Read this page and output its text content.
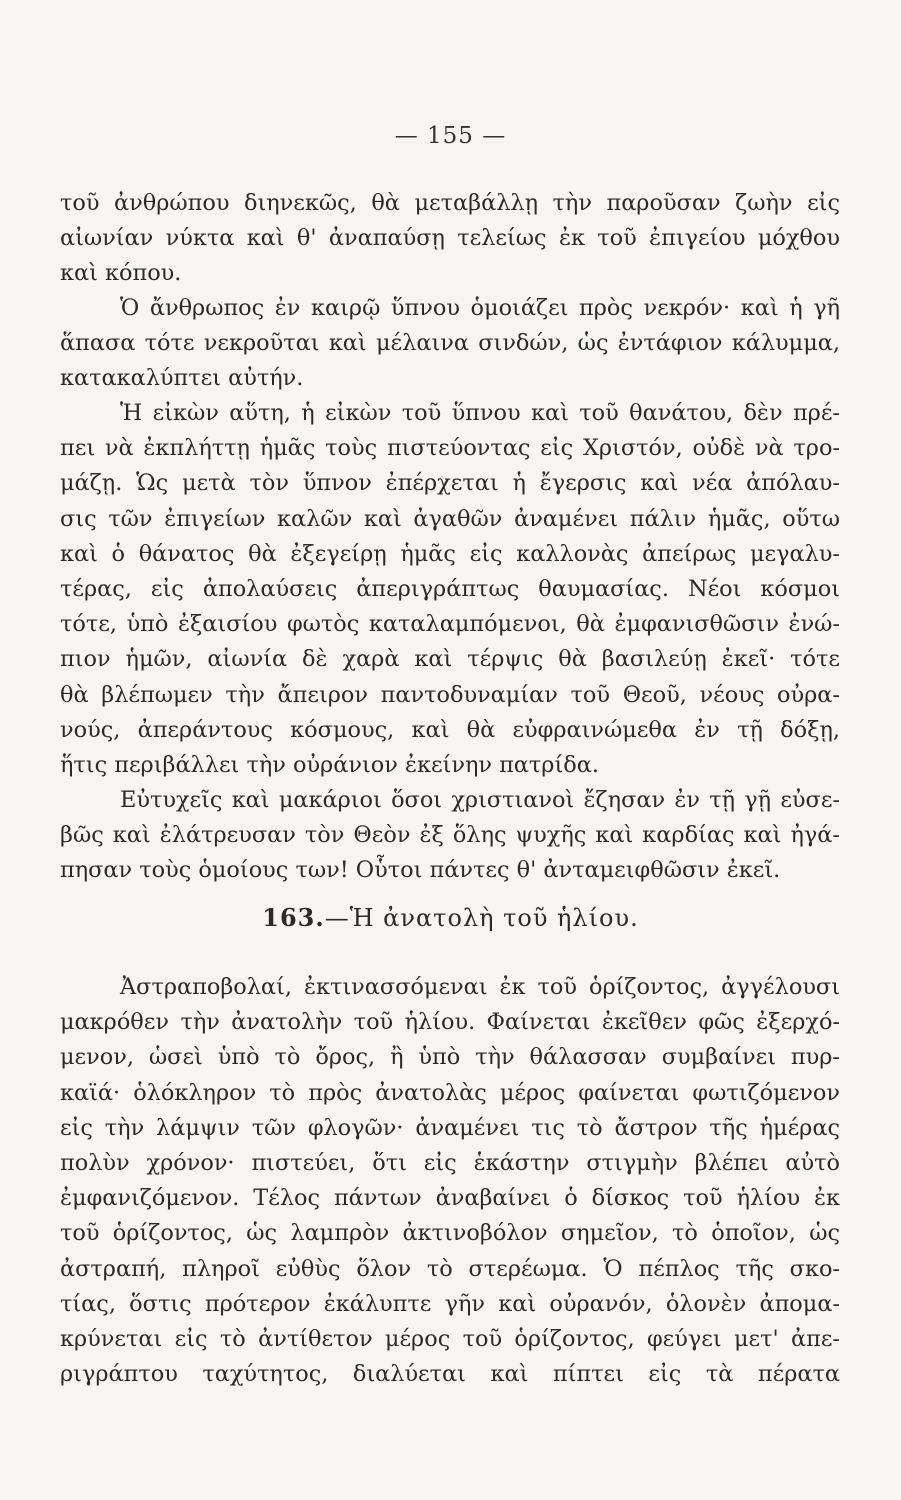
— 155 —
τοῦ ἀνθρώπου διηνεκῶς, θὰ μεταβάλλῃ τὴν παροῦσαν ζωὴν εἰς
αἰωνίαν νύκτα καὶ θ' ἀναπαύσῃ τελείως ἐκ τοῦ ἐπιγείου μόχθου
καὶ κόπου.
Ὁ ἄνθρωπος ἐν καιρῷ ὕπνου ὁμοιάζει πρὸς νεκρόν· καὶ ἡ γῆ
ἅπασα τότε νεκροῦται καὶ μέλαινα σινδών, ὡς ἐντάφιον κάλυμμα,
κατακαλύπτει αὐτήν.
Ἡ εἰκὼν αὕτη, ἡ εἰκὼν τοῦ ὕπνου καὶ τοῦ θανάτου, δὲν πρέ-
πει νὰ ἐκπλήττῃ ἡμᾶς τοὺς πιστεύοντας εἰς Χριστόν, οὐδὲ νὰ τρο-
μάζῃ. Ὡς μετὰ τὸν ὕπνον ἐπέρχεται ἡ ἔγερσις καὶ νέα ἀπόλαυ-
σις τῶν ἐπιγείων καλῶν καὶ ἀγαθῶν ἀναμένει πάλιν ἡμᾶς, οὕτω
καὶ ὁ θάνατος θὰ ἐξεγείρῃ ἡμᾶς εἰς καλλονὰς ἀπείρως μεγαλυ-
τέρας, εἰς ἀπολαύσεις ἀπεριγράπτως θαυμασίας. Νέοι κόσμοι
τότε, ὑπὸ ἐξαισίου φωτὸς καταλαμπόμενοι, θὰ ἐμφανισθῶσιν ἐνώ-
πιον ἡμῶν, αἰωνία δὲ χαρὰ καὶ τέρψις θὰ βασιλεύῃ ἐκεῖ· τότε
θὰ βλέπωμεν τὴν ἄπειρον παντοδυναμίαν τοῦ Θεοῦ, νέους οὐρα-
νούς, ἀπεράντους κόσμους, καὶ θὰ εὐφραινώμεθα ἐν τῇ δόξῃ,
ἥτις περιβάλλει τὴν οὐράνιον ἐκείνην πατρίδα.
Εὐτυχεῖς καὶ μακάριοι ὅσοι χριστιανοὶ ἔζησαν ἐν τῇ γῇ εὐσε-
βῶς καὶ ἐλάτρευσαν τὸν Θεὸν ἐξ ὅλης ψυχῆς καὶ καρδίας καὶ ἠγά-
πησαν τοὺς ὁμοίους των! Οὗτοι πάντες θ' ἀνταμειφθῶσιν ἐκεῖ.
163.—Ἡ ἀνατολὴ τοῦ ἡλίου.
Ἀστραποβολαί, ἐκτινασσόμεναι ἐκ τοῦ ὁρίζοντος, ἀγγέλουσι
μακρόθεν τὴν ἀνατολὴν τοῦ ἡλίου. Φαίνεται ἐκεῖθεν φῶς ἐξερχό-
μενον, ὡσεὶ ὑπὸ τὸ ὄρος, ἢ ὑπὸ τὴν θάλασσαν συμβαίνει πυρ-
καϊά· ὁλόκληρον τὸ πρὸς ἀνατολὰς μέρος φαίνεται φωτιζόμενον
εἰς τὴν λάμψιν τῶν φλογῶν· ἀναμένει τις τὸ ἄστρον τῆς ἡμέρας
πολὺν χρόνον· πιστεύει, ὅτι εἰς ἑκάστην στιγμὴν βλέπει αὐτὸ
ἐμφανιζόμενον. Τέλος πάντων ἀναβαίνει ὁ δίσκος τοῦ ἡλίου ἐκ
τοῦ ὁρίζοντος, ὡς λαμπρὸν ἀκτινοβόλον σημεῖον, τὸ ὁποῖον, ὡς
ἀστραπή, πληροῖ εὐθὺς ὅλον τὸ στερέωμα. Ὁ πέπλος τῆς σκο-
τίας, ὅστις πρότερον ἐκάλυπτε γῆν καὶ οὐρανόν, ὁλονὲν ἀπομα-
κρύνεται εἰς τὸ ἀντίθετον μέρος τοῦ ὁρίζοντος, φεύγει μετ' ἀπε-
ριγράπτου ταχύτητος, διαλύεται καὶ πίπτει εἰς τὰ πέρατα
